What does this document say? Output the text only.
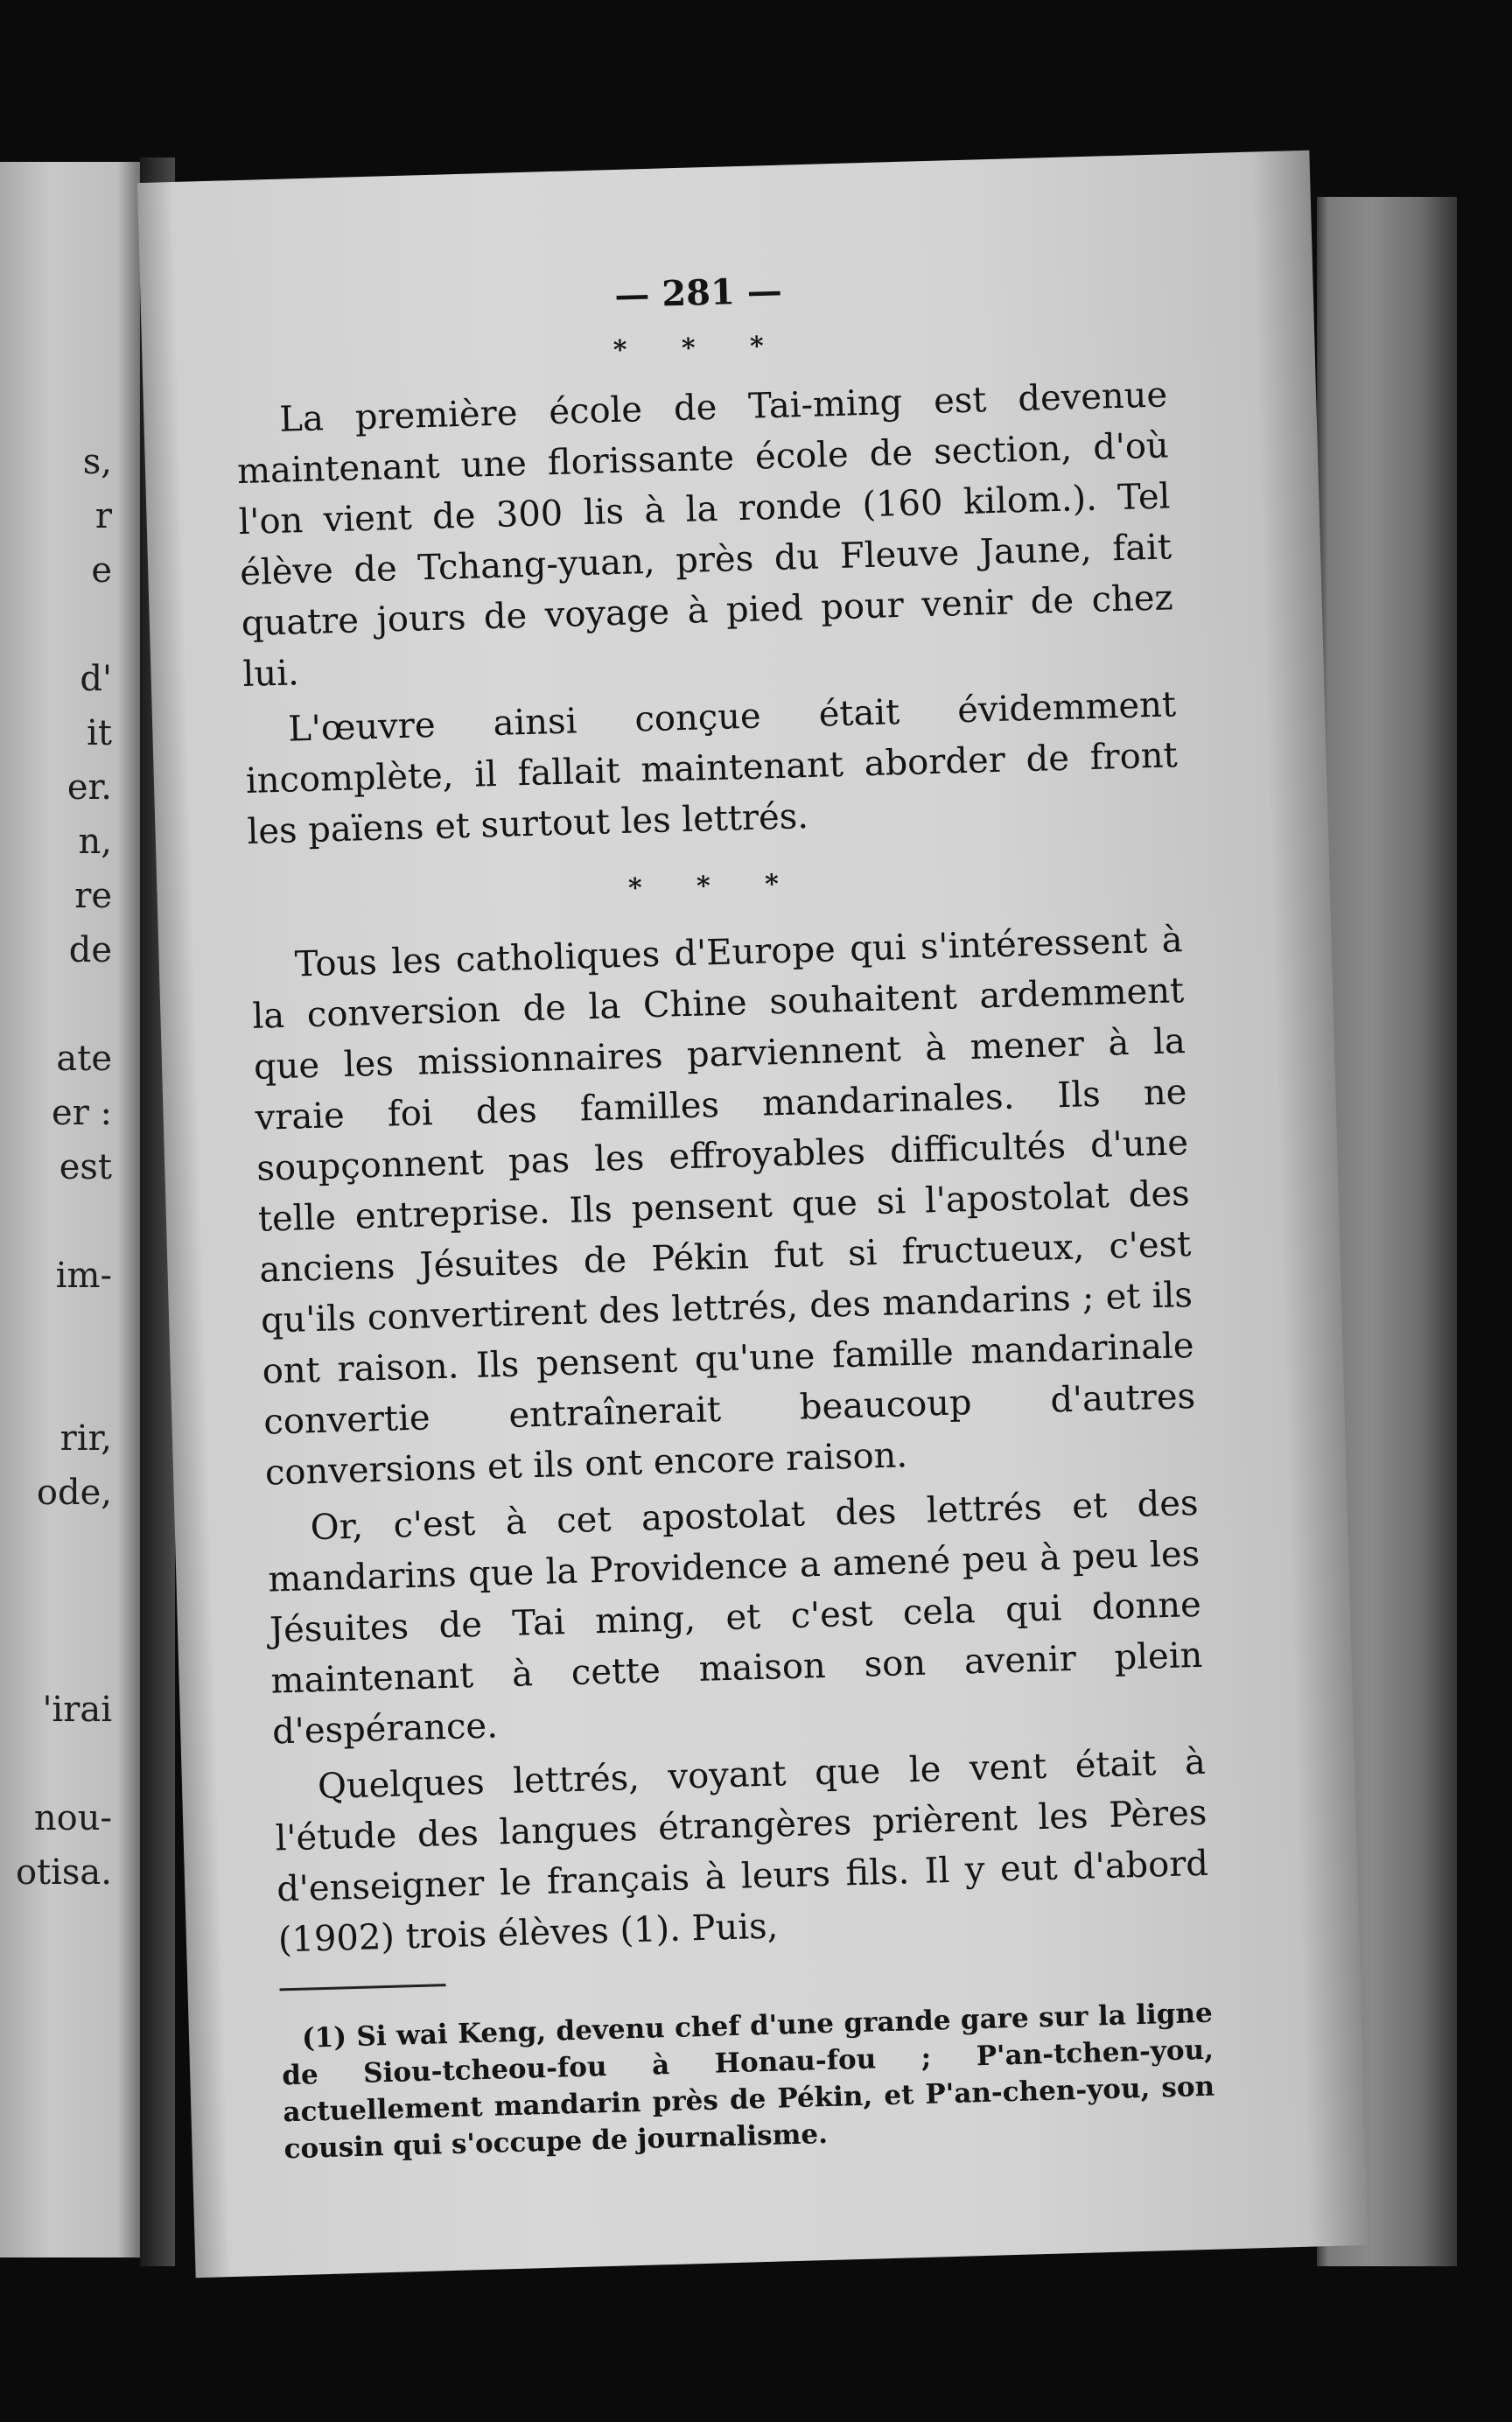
s,
r
e
d'
it
er.
n,
re
de
ate
er :
est
im-
rir,
ode,
'irai
nou-
otisa.
— 281 —
* * *

La première école de Tai-ming est devenue maintenant une florissante école de section, d'où l'on vient de 300 lis à la ronde (160 kilom.). Tel élève de Tchang-yuan, près du Fleuve Jaune, fait quatre jours de voyage à pied pour venir de chez lui.

L'œuvre ainsi conçue était évidemment incomplète, il fallait maintenant aborder de front les païens et surtout les lettrés.

* * *

Tous les catholiques d'Europe qui s'intéressent à la conversion de la Chine souhaitent ardemment que les missionnaires parviennent à mener à la vraie foi des familles mandarinales. Ils ne soupçonnent pas les effroyables difficultés d'une telle entreprise. Ils pensent que si l'apostolat des anciens Jésuites de Pékin fut si fructueux, c'est qu'ils convertirent des lettrés, des mandarins ; et ils ont raison. Ils pensent qu'une famille mandarinale convertie entraînerait beaucoup d'autres conversions et ils ont encore raison.

Or, c'est à cet apostolat des lettrés et des mandarins que la Providence a amené peu à peu les Jésuites de Tai ming, et c'est cela qui donne maintenant à cette maison son avenir plein d'espérance.

Quelques lettrés, voyant que le vent était à l'étude des langues étrangères prièrent les Pères d'enseigner le français à leurs fils. Il y eut d'abord (1902) trois élèves (1). Puis,

(1) Si wai Keng, devenu chef d'une grande gare sur la ligne de Siou-tcheou-fou à Honau-fou ; P'an-tchen-you, actuellement mandarin près de Pékin, et P'an-chen-you, son cousin qui s'occupe de journalisme.
